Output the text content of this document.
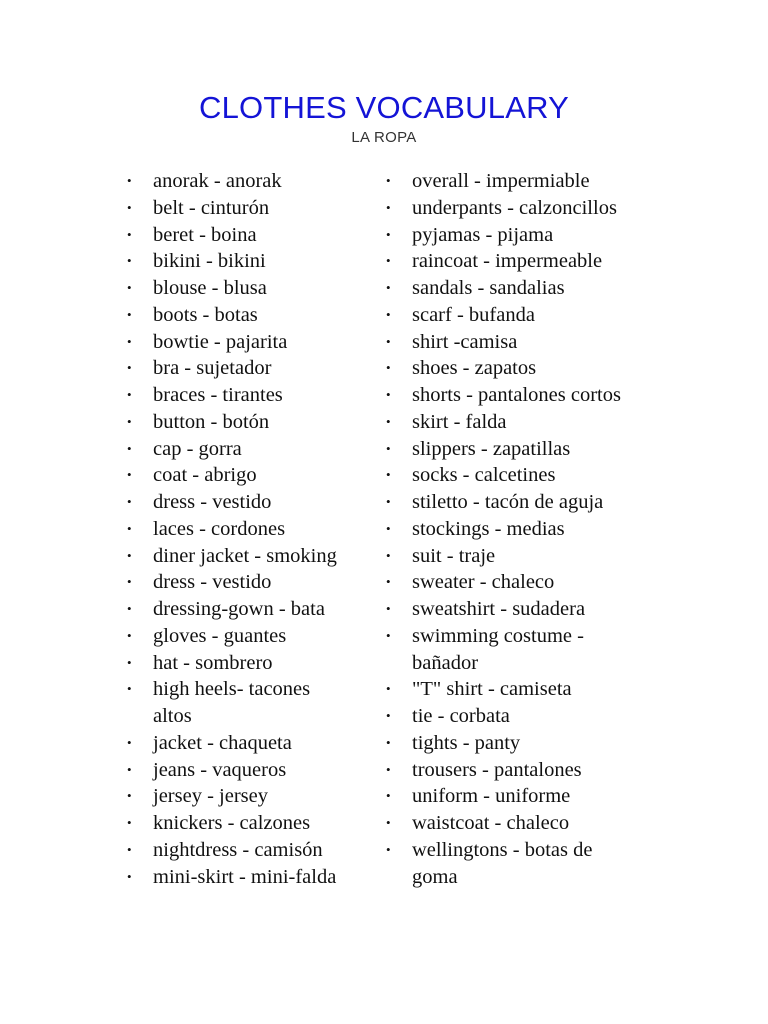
CLOTHES VOCABULARY
LA ROPA
• anorak - anorak
• belt - cinturón
• beret - boina
• bikini - bikini
• blouse - blusa
• boots - botas
• bowtie - pajarita
• bra - sujetador
• braces - tirantes
• button - botón
• cap - gorra
• coat - abrigo
• dress - vestido
• laces - cordones
• diner jacket - smoking
• dress - vestido
• dressing-gown - bata
• gloves - guantes
• hat - sombrero
• high heels- tacones altos
• jacket - chaqueta
• jeans - vaqueros
• jersey - jersey
• knickers - calzones
• nightdress - camisón
• mini-skirt - mini-falda
• overall - impermiable
• underpants - calzoncillos
• pyjamas - pijama
• raincoat - impermeable
• sandals - sandalias
• scarf - bufanda
• shirt -camisa
• shoes - zapatos
• shorts - pantalones cortos
• skirt - falda
• slippers - zapatillas
• socks - calcetines
• stiletto - tacón de aguja
• stockings - medias
• suit - traje
• sweater - chaleco
• sweatshirt - sudadera
• swimming costume - bañador
• "T" shirt - camiseta
• tie - corbata
• tights - panty
• trousers - pantalones
• uniform - uniforme
• waistcoat - chaleco
• wellingtons - botas de goma
